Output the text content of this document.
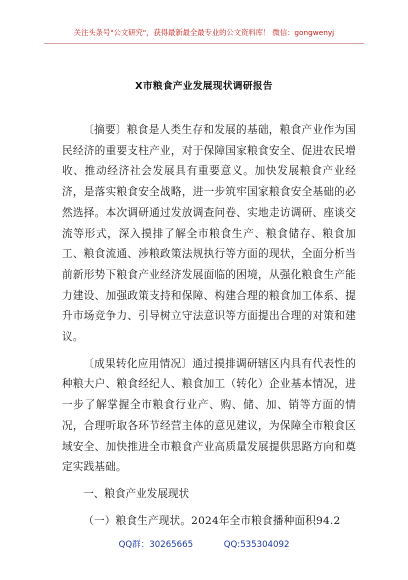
关注头条号"公文研究"，获得最新最全最专业的公文资料库！ 微信：gongwenyj
X市粮食产业发展现状调研报告

〔摘要〕粮食是人类生存和发展的基础，粮食产业作为国民经济的重要支柱产业，对于保障国家粮食安全、促进农民增收、推动经济社会发展具有重要意义。加快发展粮食产业经济，是落实粮食安全战略，进一步筑牢国家粮食安全基础的必然选择。本次调研通过发放调查问卷、实地走访调研、座谈交流等形式，深入摸排了解全市粮食生产、粮食储存、粮食加工、粮食流通、涉粮政策法规执行等方面的现状，全面分析当前新形势下粮食产业经济发展面临的困境，从强化粮食生产能力建设、加强政策支持和保障、构建合理的粮食加工体系、提升市场竞争力、引导树立守法意识等方面提出合理的对策和建议。

〔成果转化应用情况〕通过摸排调研辖区内具有代表性的种粮大户、粮食经纪人、粮食加工（转化）企业基本情况，进一步了解掌握全市粮食行业产、购、储、加、销等方面的情况，合理听取各环节经营主体的意见建议，为保障全市粮食区域安全、加快推进全市粮食产业高质量发展提供思路方向和奠定实践基础。

一、粮食产业发展现状

（一）粮食生产现状。2024年全市粮食播种面积94.2

QQ群：30265665	QQ:535304092
